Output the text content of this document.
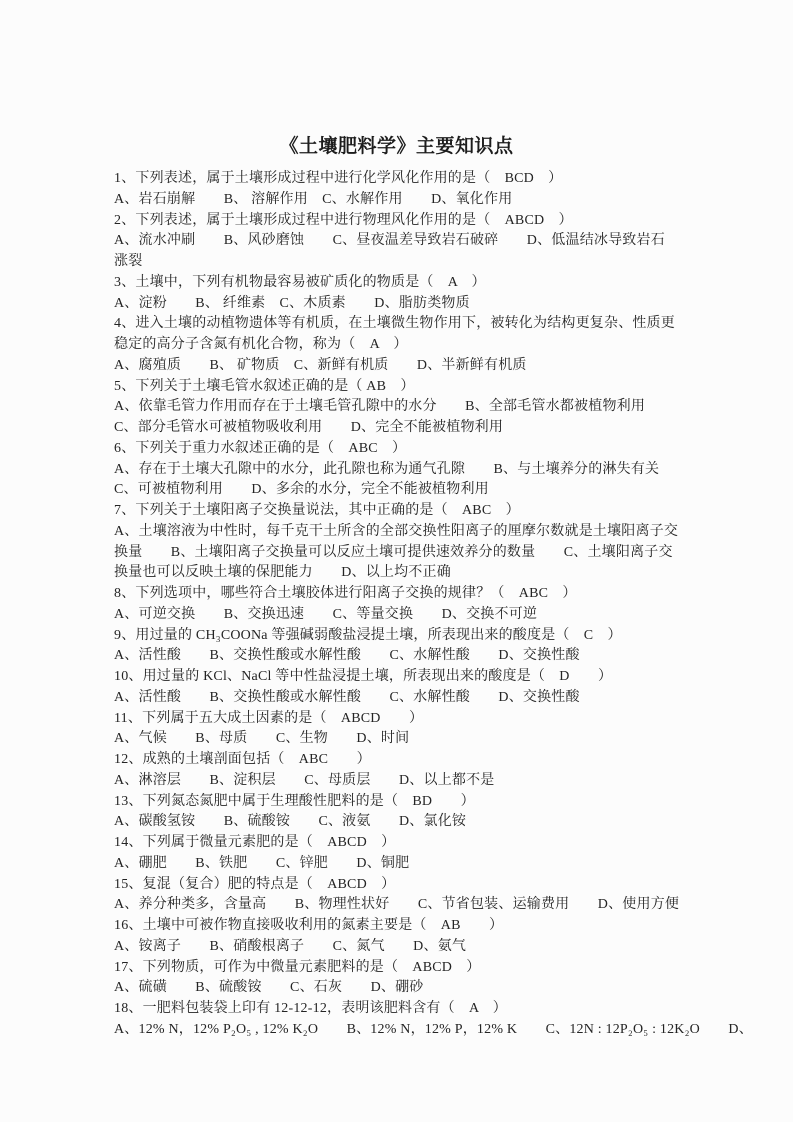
《土壤肥料学》主要知识点
1、下列表述，属于土壤形成过程中进行化学风化作用的是（　BCD　）
A、岩石崩解　　B、 溶解作用　C、水解作用　　D、氧化作用
2、下列表述，属于土壤形成过程中进行物理风化作用的是（　ABCD　）
A、流水冲刷　　B、风砂磨蚀　　C、昼夜温差导致岩石破碎　　D、低温结冰导致岩石
涨裂
3、土壤中，下列有机物最容易被矿质化的物质是（　A　）
A、淀粉　　B、 纤维素　C、木质素　　D、脂肪类物质
4、进入土壤的动植物遗体等有机质，在土壤微生物作用下，被转化为结构更复杂、性质更
稳定的高分子含氮有机化合物，称为（　A　）
A、腐殖质　　B、 矿物质　C、新鲜有机质　　D、半新鲜有机质
5、下列关于土壤毛管水叙述正确的是（ AB　）
A、依靠毛管力作用而存在于土壤毛管孔隙中的水分　　B、全部毛管水都被植物利用
C、部分毛管水可被植物吸收利用　　D、完全不能被植物利用
6、下列关于重力水叙述正确的是（　ABC　）
A、存在于土壤大孔隙中的水分，此孔隙也称为通气孔隙　　B、与土壤养分的淋失有关
C、可被植物利用　　D、多余的水分，完全不能被植物利用
7、下列关于土壤阳离子交换量说法，其中正确的是（　ABC　）
A、土壤溶液为中性时，每千克干土所含的全部交换性阳离子的厘摩尔数就是土壤阳离子交
换量　　B、土壤阳离子交换量可以反应土壤可提供速效养分的数量　　C、土壤阳离子交
换量也可以反映土壤的保肥能力　　D、以上均不正确
8、下列选项中，哪些符合土壤胶体进行阳离子交换的规律？（　ABC　）
A、可逆交换　　B、交换迅速　　C、等量交换　　D、交换不可逆
9、用过量的 CH₃COONa 等强碱弱酸盐浸提土壤，所表现出来的酸度是（　C　）
A、活性酸　　B、交换性酸或水解性酸　　C、水解性酸　　D、交换性酸
10、用过量的 KCl、NaCl 等中性盐浸提土壤，所表现出来的酸度是（　D　　）
A、活性酸　　B、交换性酸或水解性酸　　C、水解性酸　　D、交换性酸
11、下列属于五大成土因素的是（　ABCD　　）
A、气候　　B、母质　　C、生物　　D、时间
12、成熟的土壤剖面包括（　ABC　　）
A、淋溶层　　B、淀积层　　C、母质层　　D、以上都不是
13、下列氮态氮肥中属于生理酸性肥料的是（　BD　　）
A、碳酸氢铵　　B、硫酸铵　　C、液氨　　D、氯化铵
14、下列属于微量元素肥的是（　ABCD　）
A、硼肥　　B、铁肥　　C、锌肥　　D、铜肥
15、复混（复合）肥的特点是（　ABCD　）
A、养分种类多，含量高　　B、物理性状好　　C、节省包装、运输费用　　D、使用方便
16、土壤中可被作物直接吸收利用的氮素主要是（　AB　　）
A、铵离子　　B、硝酸根离子　　C、氮气　　D、氨气
17、下列物质，可作为中微量元素肥料的是（　ABCD　）
A、硫磺　　B、硫酸铵　　C、石灰　　D、硼砂
18、一肥料包装袋上印有 12-12-12，表明该肥料含有（　A　）
A、12% N，12% P₂O₅ , 12% K₂O　　B、12% N，12% P，12% K　　C、12N : 12P₂O₅ : 12K₂O　　D、
